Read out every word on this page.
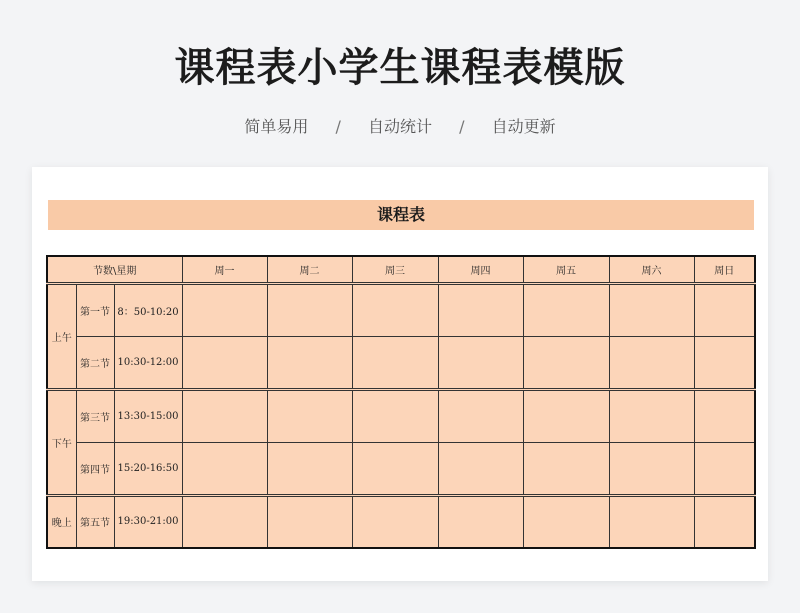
课程表小学生课程表模版
简单易用 / 自动统计 / 自动更新
课程表
节数\星期			周一	周二	周三	周四	周五	周六	周日
上午	第一节	8：50-10:20							
	第二节	10:30-12:00							
下午	第三节	13:30-15:00							
	第四节	15:20-16:50							
晚上	第五节	19:30-21:00							
